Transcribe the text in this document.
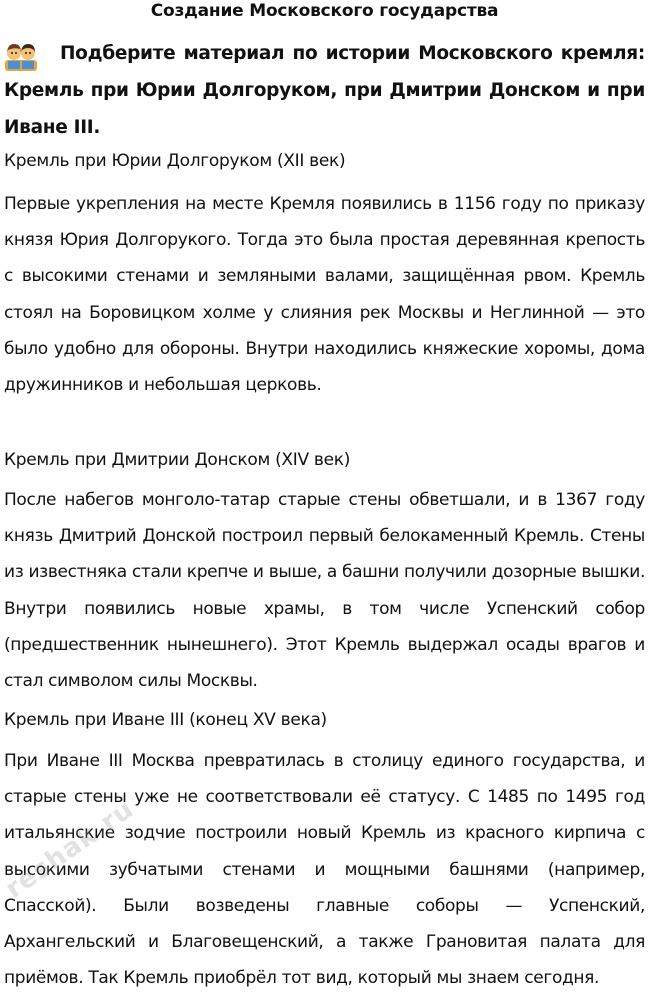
Создание Московского государства
Подберите материал по истории Московского кремля: Кремль при Юрии Долгоруком, при Дмитрии Донском и при Иване III.
Кремль при Юрии Долгоруком (XII век)
Первые укрепления на месте Кремля появились в 1156 году по приказу князя Юрия Долгорукого. Тогда это была простая деревянная крепость с высокими стенами и земляными валами, защищённая рвом. Кремль стоял на Боровицком холме у слияния рек Москвы и Неглинной — это было удобно для обороны. Внутри находились княжеские хоромы, дома дружинников и небольшая церковь.
Кремль при Дмитрии Донском (XIV век)
После набегов монголо-татар старые стены обветшали, и в 1367 году князь Дмитрий Донской построил первый белокаменный Кремль. Стены из известняка стали крепче и выше, а башни получили дозорные вышки. Внутри появились новые храмы, в том числе Успенский собор (предшественник нынешнего). Этот Кремль выдержал осады врагов и стал символом силы Москвы.
Кремль при Иване III (конец XV века)
При Иване III Москва превратилась в столицу единого государства, и старые стены уже не соответствовали её статусу. С 1485 по 1495 год итальянские зодчие построили новый Кремль из красного кирпича с высокими зубчатыми стенами и мощными башнями (например, Спасской). Были возведены главные соборы — Успенский, Архангельский и Благовещенский, а также Грановитая палата для приёмов. Так Кремль приобрёл тот вид, который мы знаем сегодня.
reshak.ru
